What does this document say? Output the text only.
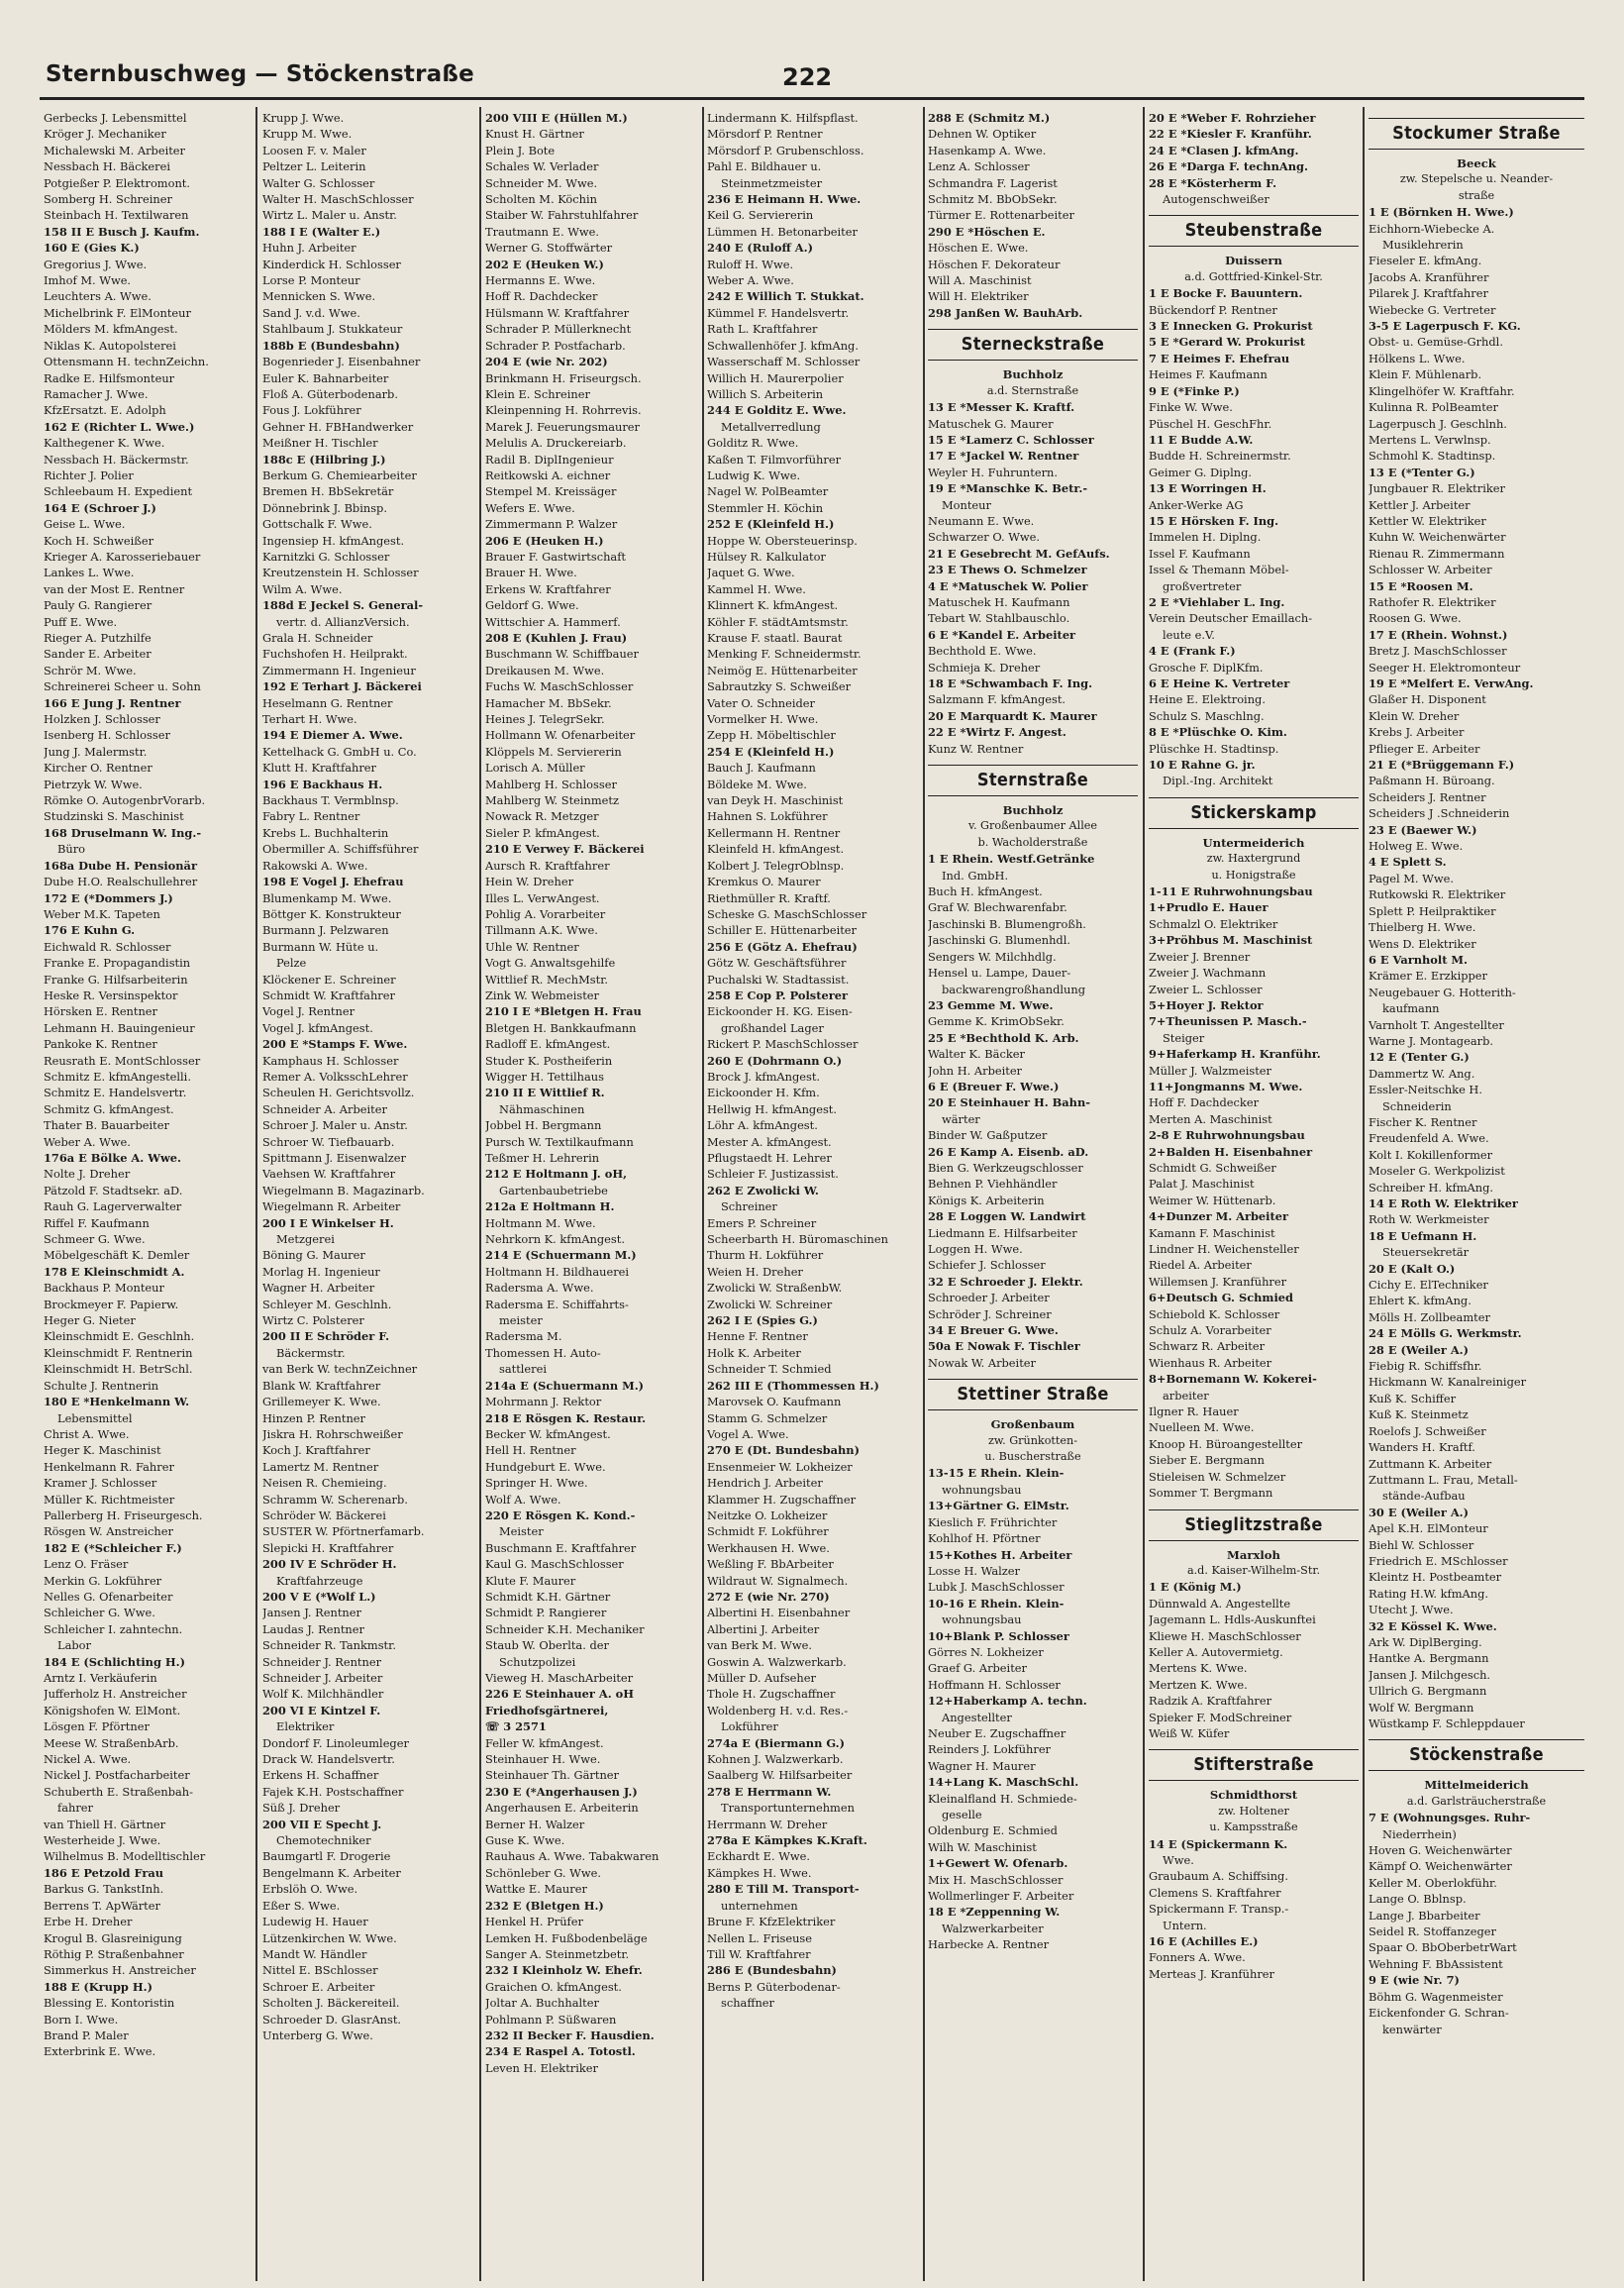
Sternbuschweg — Stöckenstraße	222
Gerbecks J. Lebensmittel
Kröger J. Mechaniker
Michalewski M. Arbeiter
Nessbach H. Bäckerei
Potgießer P. Elektromont.
Somberg H. Schreiner
Steinbach H. Textilwaren
158 II E Busch J. Kaufm.
160 E (Gies K.)
Gregorius J. Wwe.
Imhof M. Wwe.
Leuchters A. Wwe.
Michelbrink F. ElMonteur
Mölders M. kfmAngest.
Niklas K. Autopolsterei
Ottensmann H. technZeichn.
Radke E. Hilfsmonteur
Ramacher J. Wwe.
KfzErsatzt. E. Adolph
162 E (Richter L. Wwe.)
Kalthegener K. Wwe.
Nessbach H. Bäckermstr.
Richter J. Polier
Schleebaum H. Expedient
164 E (Schroer J.)
Geise L. Wwe.
Koch H. Schweißer
Krieger A. Karosseriebauer
Lankes L. Wwe.
van der Most E. Rentner
Pauly G. Rangierer
Puff E. Wwe.
Rieger A. Putzhilfe
Sander E. Arbeiter
Schrör M. Wwe.
Schreinerei Scheer u. Sohn
166 E Jung J. Rentner
Holzken J. Schlosser
Isenberg H. Schlosser
Jung J. Malermstr.
Kircher O. Rentner
Pietrzyk W. Wwe.
Römke O. AutogenbrVorarb.
Studzinski S. Maschinist
168 Druselmann W. Ing.-
Büro
168a Dube H. Pensionär
Dube H.O. Realschullehrer
172 E (*Dommers J.)
Weber M.K. Tapeten
176 E Kuhn G.
Eichwald R. Schlosser
Franke E. Propagandistin
Franke G. Hilfsarbeiterin
Heske R. Versinspektor
Hörsken E. Rentner
Lehmann H. Bauingenieur
Pankoke K. Rentner
Reusrath E. MontSchlosser
Schmitz E. kfmAngestelli.
Schmitz E. Handelsvertr.
Schmitz G. kfmAngest.
Thater B. Bauarbeiter
Weber A. Wwe.
176a E Bölke A. Wwe.
Nolte J. Dreher
Pätzold F. Stadtsekr. aD.
Rauh G. Lagerverwalter
Riffel F. Kaufmann
Schmeer G. Wwe.
Möbelgeschäft K. Demler
178 E Kleinschmidt A.
Backhaus P. Monteur
Brockmeyer F. Papierw.
Heger G. Nieter
Kleinschmidt E. Geschlnh.
Kleinschmidt F. Rentnerin
Kleinschmidt H. BetrSchl.
Schulte J. Rentnerin
180 E *Henkelmann W.
Lebensmittel
Christ A. Wwe.
Heger K. Maschinist
Henkelmann R. Fahrer
Kramer J. Schlosser
Müller K. Richtmeister
Pallerberg H. Friseurgesch.
Rösgen W. Anstreicher
182 E (*Schleicher F.)
Lenz O. Fräser
Merkin G. Lokführer
Nelles G. Ofenarbeiter
Schleicher G. Wwe.
Schleicher I. zahntechn.
Labor
184 E (Schlichting H.)
Arntz I. Verkäuferin
Jufferholz H. Anstreicher
Königshofen W. ElMont.
Lösgen F. Pförtner
Meese W. StraßenbArb.
Nickel A. Wwe.
Nickel J. Postfacharbeiter
Schuberth E. Straßenbah-
fahrer
van Thiell H. Gärtner
Westerheide J. Wwe.
Wilhelmus B. Modelltischler
186 E Petzold Frau
Barkus G. TankstInh.
Berrens T. ApWärter
Erbe H. Dreher
Krogul B. Glasreinigung
Röthig P. Straßenbahner
Simmerkus H. Anstreicher
188 E (Krupp H.)
Blessing E. Kontoristin
Born I. Wwe.
Brand P. Maler
Exterbrink E. Wwe.
Krupp J. Wwe.
Krupp M. Wwe.
Loosen F. v. Maler
Peltzer L. Leiterin
Walter G. Schlosser
Walter H. MaschSchlosser
Wirtz L. Maler u. Anstr.
188 I E (Walter E.)
Huhn J. Arbeiter
Kinderdick H. Schlosser
Lorse P. Monteur
Mennicken S. Wwe.
Sand J. v.d. Wwe.
Stahlbaum J. Stukkateur
188b E (Bundesbahn)
Bogenrieder J. Eisenbahner
Euler K. Bahnarbeiter
Floß A. Güterbodenarb.
Fous J. Lokführer
Gehner H. FBHandwerker
Meißner H. Tischler
188c E (Hilbring J.)
Berkum G. Chemiearbeiter
Bremen H. BbSekretär
Dönnebrink J. Bbinsp.
Gottschalk F. Wwe.
Ingensiep H. kfmAngest.
Karnitzki G. Schlosser
Kreutzenstein H. Schlosser
Wilm A. Wwe.
188d E Jeckel S. General-
vertr. d. AllianzVersich.
Grala H. Schneider
Fuchshofen H. Heilprakt.
Zimmermann H. Ingenieur
192 E Terhart J. Bäckerei
Heselmann G. Rentner
Terhart H. Wwe.
194 E Diemer A. Wwe.
Kettelhack G. GmbH u. Co.
Klutt H. Kraftfahrer
196 E Backhaus H.
Backhaus T. Vermblnsp.
Fabry L. Rentner
Krebs L. Buchhalterin
Obermiller A. Schiffsführer
Rakowski A. Wwe.
198 E Vogel J. Ehefrau
Blumenkamp M. Wwe.
Böttger K. Konstrukteur
Burmann J. Pelzwaren
Burmann W. Hüte u.
Pelze
Klöckener E. Schreiner
Schmidt W. Kraftfahrer
Vogel J. Rentner
Vogel J. kfmAngest.
200 E *Stamps F. Wwe.
Kamphaus H. Schlosser
Remer A. VolksschLehrer
Scheulen H. Gerichtsvollz.
Schneider A. Arbeiter
Schroer J. Maler u. Anstr.
Schroer W. Tiefbauarb.
Spittmann J. Eisenwalzer
Vaehsen W. Kraftfahrer
Wiegelmann B. Magazinarb.
Wiegelmann R. Arbeiter
200 I E Winkelser H.
Metzgerei
Böning G. Maurer
Morlag H. Ingenieur
Wagner H. Arbeiter
Schleyer M. Geschlnh.
Wirtz C. Polsterer
200 II E Schröder F.
Bäckermstr.
van Berk W. technZeichner
Blank W. Kraftfahrer
Grillemeyer K. Wwe.
Hinzen P. Rentner
Jiskra H. Rohrschweißer
Koch J. Kraftfahrer
Lamertz M. Rentner
Neisen R. Chemieing.
Schramm W. Scherenarb.
Schröder W. Bäckerei
SUSTER W. Pförtnerfamarb.
Slepicki H. Kraftfahrer
200 IV E Schröder H.
Kraftfahrzeuge
200 V E (*Wolf L.)
Jansen J. Rentner
Laudas J. Rentner
Schneider R. Tankmstr.
Schneider J. Rentner
Schneider J. Arbeiter
Wolf K. Milchhändler
200 VI E Kintzel F.
Elektriker
Dondorf F. Linoleumleger
Drack W. Handelsvertr.
Erkens H. Schaffner
Fajek K.H. Postschaffner
Süß J. Dreher
200 VII E Specht J.
Chemotechniker
Baumgartl F. Drogerie
Bengelmann K. Arbeiter
Erbslöh O. Wwe.
Eßer S. Wwe.
Ludewig H. Hauer
Lützenkirchen W. Wwe.
Mandt W. Händler
Nittel E. BSchlosser
Schroer E. Arbeiter
Scholten J. Bäckereiteil.
Schroeder D. GlasrAnst.
Unterberg G. Wwe.
200 VIII E (Hüllen M.)
Knust H. Gärtner
Plein J. Bote
Schales W. Verlader
Schneider M. Wwe.
Scholten M. Köchin
Staiber W. Fahrstuhlfahrer
Trautmann E. Wwe.
Werner G. Stoffwärter
202 E (Heuken W.)
Hermanns E. Wwe.
Hoff R. Dachdecker
Hülsmann W. Kraftfahrer
Schrader P. Müllerknecht
Schrader P. Postfacharb.
204 E (wie Nr. 202)
Brinkmann H. Friseurgsch.
Klein E. Schreiner
Kleinpenning H. Rohrrevis.
Marek J. Feuerungsmaurer
Melulis A. Druckereiarb.
Radil B. DiplIngenieur
Reitkowski A. eichner
Stempel M. Kreissäger
Wefers E. Wwe.
Zimmermann P. Walzer
206 E (Heuken H.)
Brauer F. Gastwirtschaft
Brauer H. Wwe.
Erkens W. Kraftfahrer
Geldorf G. Wwe.
Wittschier A. Hammerf.
208 E (Kuhlen J. Frau)
Buschmann W. Schiffbauer
Dreikausen M. Wwe.
Fuchs W. MaschSchlosser
Hamacher M. BbSekr.
Heines J. TelegrSekr.
Hollmann W. Ofenarbeiter
Klöppels M. Serviererin
Lorisch A. Müller
Mahlberg H. Schlosser
Mahlberg W. Steinmetz
Nowack R. Metzger
Sieler P. kfmAngest.
210 E Verwey F. Bäckerei
Aursch R. Kraftfahrer
Hein W. Dreher
Illes L. VerwAngest.
Pohlig A. Vorarbeiter
Tillmann A.K. Wwe.
Uhle W. Rentner
Vogt G. Anwaltsgehilfe
Wittlief R. MechMstr.
Zink W. Webmeister
210 I E *Bletgen H. Frau
Bletgen H. Bankkaufmann
Radloff E. kfmAngest.
Studer K. Postheiferin
Wigger H. Tettilhaus
210 II E Wittlief R.
Nähmaschinen
Jobbel H. Bergmann
Pursch W. Textilkaufmann
Teßmer H. Lehrerin
212 E Holtmann J. oH,
Gartenbaubetriebe
212a E Holtmann H.
Holtmann M. Wwe.
Nehrkorn K. kfmAngest.
214 E (Schuermann M.)
Holtmann H. Bildhauerei
Radersma A. Wwe.
Radersma E. Schiffahrts-
meister
Radersma M.
Thomessen H. Auto-
sattlerei
214a E (Schuermann M.)
Mohrmann J. Rektor
218 E Rösgen K. Restaur.
Becker W. kfmAngest.
Hell H. Rentner
Hundgeburt E. Wwe.
Springer H. Wwe.
Wolf A. Wwe.
220 E Rösgen K. Kond.-
Meister
Buschmann E. Kraftfahrer
Kaul G. MaschSchlosser
Klute F. Maurer
Schmidt K.H. Gärtner
Schmidt P. Rangierer
Schneider K.H. Mechaniker
Staub W. Oberlta. der
Schutzpolizei
Vieweg H. MaschArbeiter
226 E Steinhauer A. oH
Friedhofsgärtnerei,
☏ 3 2571
Feller W. kfmAngest.
Steinhauer H. Wwe.
Steinhauer Th. Gärtner
230 E (*Angerhausen J.)
Angerhausen E. Arbeiterin
Berner H. Walzer
Guse K. Wwe.
Rauhaus A. Wwe. Tabakwaren
Schönleber G. Wwe.
Wattke E. Maurer
232 E (Bletgen H.)
Henkel H. Prüfer
Lemken H. Fußbodenbeläge
Sanger A. Steinmetzbetr.
232 I Kleinholz W. Ehefr.
Graichen O. kfmAngest.
Joltar A. Buchhalter
Pohlmann P. Süßwaren
232 II Becker F. Hausdien.
234 E Raspel A. Totostl.
Leven H. Elektriker
Lindermann K. Hilfspflast.
Mörsdorf P. Rentner
Mörsdorf P. Grubenschloss.
Pahl E. Bildhauer u.
Steinmetzmeister
236 E Heimann H. Wwe.
Keil G. Serviererin
Lümmen H. Betonarbeiter
240 E (Ruloff A.)
Ruloff H. Wwe.
Weber A. Wwe.
242 E Willich T. Stukkat.
Kümmel F. Handelsvertr.
Rath L. Kraftfahrer
Schwallenhöfer J. kfmAng.
Wasserschaff M. Schlosser
Willich H. Maurerpolier
Willich S. Arbeiterin
244 E Golditz E. Wwe.
Metallverredlung
Golditz R. Wwe.
Kaßen T. Filmvorführer
Ludwig K. Wwe.
Nagel W. PolBeamter
Stemmler H. Köchin
252 E (Kleinfeld H.)
Hoppe W. Obersteuerinsp.
Hülsey R. Kalkulator
Jaquet G. Wwe.
Kammel H. Wwe.
Klinnert K. kfmAngest.
Köhler F. städtAmtsmstr.
Krause F. staatl. Baurat
Menking F. Schneidermstr.
Neimög E. Hüttenarbeiter
Sabrautzky S. Schweißer
Vater O. Schneider
Vormelker H. Wwe.
Zepp H. Möbeltischler
254 E (Kleinfeld H.)
Bauch J. Kaufmann
Böldeke M. Wwe.
van Deyk H. Maschinist
Hahnen S. Lokführer
Kellermann H. Rentner
Kleinfeld H. kfmAngest.
Kolbert J. TelegrOblnsp.
Kremkus O. Maurer
Riethmüller R. Kraftf.
Scheske G. MaschSchlosser
Schiller E. Hüttenarbeiter
256 E (Götz A. Ehefrau)
Götz W. Geschäftsführer
Puchalski W. Stadtassist.
258 E Cop P. Polsterer
Eickoonder H. KG. Eisen-
großhandel Lager
Rickert P. MaschSchlosser
260 E (Dohrmann O.)
Brock J. kfmAngest.
Eickoonder H. Kfm.
Hellwig H. kfmAngest.
Löhr A. kfmAngest.
Mester A. kfmAngest.
Pflugstaedt H. Lehrer
Schleier F. Justizassist.
262 E Zwolicki W.
Schreiner
Emers P. Schreiner
Scheerbarth H. Büromaschinen
Thurm H. Lokführer
Weien H. Dreher
Zwolicki W. StraßenbW.
Zwolicki W. Schreiner
262 I E (Spies G.)
Henne F. Rentner
Holk K. Arbeiter
Schneider T. Schmied
262 III E (Thommessen H.)
Marovsek O. Kaufmann
Stamm G. Schmelzer
Vogel A. Wwe.
270 E (Dt. Bundesbahn)
Ensenmeier W. Lokheizer
Hendrich J. Arbeiter
Klammer H. Zugschaffner
Neitzke O. Lokheizer
Schmidt F. Lokführer
Werkhausen H. Wwe.
Weßling F. BbArbeiter
Wildraut W. Signalmech.
272 E (wie Nr. 270)
Albertini H. Eisenbahner
Albertini J. Arbeiter
van Berk M. Wwe.
Goswin A. Walzwerkarb.
Müller D. Aufseher
Thole H. Zugschaffner
Woldenberg H. v.d. Res.-
Lokführer
274a E (Biermann G.)
Kohnen J. Walzwerkarb.
Saalberg W. Hilfsarbeiter
278 E Herrmann W.
Transportunternehmen
Herrmann W. Dreher
278a E Kämpkes K.Kraft.
Eckhardt E. Wwe.
Kämpkes H. Wwe.
280 E Till M. Transport-
unternehmen
Brune F. KfzElektriker
Nellen L. Friseuse
Till W. Kraftfahrer
286 E (Bundesbahn)
Berns P. Güterbodenar-
schaffner
288 E (Schmitz M.)
Dehnen W. Optiker
Hasenkamp A. Wwe.
Lenz A. Schlosser
Schmandra F. Lagerist
Schmitz M. BbObSekr.
Türmer E. Rottenarbeiter
290 E *Höschen E.
Höschen E. Wwe.
Höschen F. Dekorateur
Will A. Maschinist
Will H. Elektriker
298 Janßen W. BauhArb.
Sterneckstraße
Buchholz
a.d. Sternstraße
13 E *Messer K. Kraftf.
Matuschek G. Maurer
15 E *Lamerz C. Schlosser
17 E *Jackel W. Rentner
Weyler H. Fuhruntern.
19 E *Manschke K. Betr.-
Monteur
Neumann E. Wwe.
Schwarzer O. Wwe.
21 E Gesebrecht M. GefAufs.
23 E Thews O. Schmelzer
4 E *Matuschek W. Polier
Matuschek H. Kaufmann
Tebart W. Stahlbauschlo.
6 E *Kandel E. Arbeiter
Bechthold E. Wwe.
Schmieja K. Dreher
18 E *Schwambach F. Ing.
Salzmann F. kfmAngest.
20 E Marquardt K. Maurer
22 E *Wirtz F. Angest.
Kunz W. Rentner
Sternstraße
Buchholz
v. Großenbaumer Allee
b. Wacholderstraße
1 E Rhein. Westf.Getränke
Ind. GmbH.
Buch H. kfmAngest.
Graf W. Blechwarenfabr.
Jaschinski B. Blumengroßh.
Jaschinski G. Blumenhdl.
Sengers W. Milchhdlg.
Hensel u. Lampe, Dauer-
backwarengroßhandlung
23 Gemme M. Wwe.
Gemme K. KrimObSekr.
25 E *Bechthold K. Arb.
Walter K. Bäcker
John H. Arbeiter
6 E (Breuer F. Wwe.)
20 E Steinhauer H. Bahn-
wärter
Binder W. Gaßputzer
26 E Kamp A. Eisenb. aD.
Bien G. Werkzeugschlosser
Behnen P. Viehhändler
Königs K. Arbeiterin
28 E Loggen W. Landwirt
Liedmann E. Hilfsarbeiter
Loggen H. Wwe.
Schiefer J. Schlosser
32 E Schroeder J. Elektr.
Schroeder J. Arbeiter
Schröder J. Schreiner
34 E Breuer G. Wwe.
50a E Nowak F. Tischler
Nowak W. Arbeiter
Stettiner Straße
Großenbaum
zw. Grünkotten-
u. Buscherstraße
13-15 E Rhein. Klein-
wohnungsbau
13+Gärtner G. ElMstr.
Kieslich F. Frührichter
Kohlhof H. Pförtner
15+Kothes H. Arbeiter
Losse H. Walzer
Lubk J. MaschSchlosser
10-16 E Rhein. Klein-
wohnungsbau
10+Blank P. Schlosser
Görres N. Lokheizer
Graef G. Arbeiter
Hoffmann H. Schlosser
12+Haberkamp A. techn.
Angestellter
Neuber E. Zugschaffner
Reinders J. Lokführer
Wagner H. Maurer
14+Lang K. MaschSchl.
Kleinalfland H. Schmiede-
geselle
Oldenburg E. Schmied
Wilh W. Maschinist
1+Gewert W. Ofenarb.
Mix H. MaschSchlosser
Wollmerlinger F. Arbeiter
18 E *Zeppenning W.
Walzwerkarbeiter
Harbecke A. Rentner
20 E *Weber F. Rohrzieher
22 E *Kiesler F. Kranführ.
24 E *Clasen J. kfmAng.
26 E *Darga F. technAng.
28 E *Kösterherm F.
Autogenschweißer
Steubenstraße
Duissern
a.d. Gottfried-Kinkel-Str.
1 E Bocke F. Bauuntern.
Bückendorf P. Rentner
3 E Innecken G. Prokurist
5 E *Gerard W. Prokurist
7 E Heimes F. Ehefrau
Heimes F. Kaufmann
9 E (*Finke P.)
Finke W. Wwe.
Püschel H. GeschFhr.
11 E Budde A.W.
Budde H. Schreinermstr.
Geimer G. Diplng.
13 E Worringen H.
Anker-Werke AG
15 E Hörsken F. Ing.
Immelen H. Diplng.
Issel F. Kaufmann
Issel & Themann Möbel-
großvertreter
2 E *Viehlaber L. Ing.
Verein Deutscher Emaillach-
leute e.V.
4 E (Frank F.)
Grosche F. DiplKfm.
6 E Heine K. Vertreter
Heine E. Elektroing.
Schulz S. Maschlng.
8 E *Plüschke O. Kim.
Plüschke H. Stadtinsp.
10 E Rahne G. jr.
Dipl.-Ing. Architekt
Stickerskamp
Untermeiderich
zw. Haxtergrund
u. Honigstraße
1-11 E Ruhrwohnungsbau
1+Prudlo E. Hauer
Schmalzl O. Elektriker
3+Pröhbus M. Maschinist
Zweier J. Brenner
Zweier J. Wachmann
Zweier L. Schlosser
5+Hoyer J. Rektor
7+Theunissen P. Masch.-
Steiger
9+Haferkamp H. Kranführ.
Müller J. Walzmeister
11+Jongmanns M. Wwe.
Hoff F. Dachdecker
Merten A. Maschinist
2-8 E Ruhrwohnungsbau
2+Balden H. Eisenbahner
Schmidt G. Schweißer
Palat J. Maschinist
Weimer W. Hüttenarb.
4+Dunzer M. Arbeiter
Kamann F. Maschinist
Lindner H. Weichensteller
Riedel A. Arbeiter
Willemsen J. Kranführer
6+Deutsch G. Schmied
Schiebold K. Schlosser
Schulz A. Vorarbeiter
Schwarz R. Arbeiter
Wienhaus R. Arbeiter
8+Bornemann W. Kokerei-
arbeiter
Ilgner R. Hauer
Nuelleen M. Wwe.
Knoop H. Büroangestellter
Sieber E. Bergmann
Stieleisen W. Schmelzer
Sommer T. Bergmann
Stieglitzstraße
Marxloh
a.d. Kaiser-Wilhelm-Str.
1 E (König M.)
Dünnwald A. Angestellte
Jagemann L. Hdls-Auskunftei
Kliewe H. MaschSchlosser
Keller A. Autovermietg.
Mertens K. Wwe.
Mertzen K. Wwe.
Radzik A. Kraftfahrer
Spieker F. ModSchreiner
Weiß W. Küfer
Stifterstraße
Schmidthorst
zw. Holtener
u. Kampsstraße
14 E (Spickermann K.
Wwe.
Graubaum A. Schiffsing.
Clemens S. Kraftfahrer
Spickermann F. Transp.-
Untern.
16 E (Achilles E.)
Fonners A. Wwe.
Merteas J. Kranführer
Stockumer Straße
Beeck
zw. Stepelsche u. Neander-
straße
1 E (Börnken H. Wwe.)
Eichhorn-Wiebecke A.
Musiklehrerin
Fieseler E. kfmAng.
Jacobs A. Kranführer
Pilarek J. Kraftfahrer
Wiebecke G. Vertreter
3-5 E Lagerpusch F. KG.
Obst- u. Gemüse-Grhdl.
Hölkens L. Wwe.
Klein F. Mühlenarb.
Klingelhöfer W. Kraftfahr.
Kulinna R. PolBeamter
Lagerpusch J. Geschlnh.
Mertens L. Verwlnsp.
Schmohl K. Stadtinsp.
13 E (*Tenter G.)
Jungbauer R. Elektriker
Kettler J. Arbeiter
Kettler W. Elektriker
Kuhn W. Weichenwärter
Rienau R. Zimmermann
Schlosser W. Arbeiter
15 E *Roosen M.
Rathofer R. Elektriker
Roosen G. Wwe.
17 E (Rhein. Wohnst.)
Bretz J. MaschSchlosser
Seeger H. Elektromonteur
19 E *Melfert E. VerwAng.
Glaßer H. Disponent
Klein W. Dreher
Krebs J. Arbeiter
Pflieger E. Arbeiter
21 E (*Brüggemann F.)
Paßmann H. Büroang.
Scheiders J. Rentner
Scheiders J .Schneiderin
23 E (Baewer W.)
Holweg E. Wwe.
4 E Splett S.
Pagel M. Wwe.
Rutkowski R. Elektriker
Splett P. Heilpraktiker
Thielberg H. Wwe.
Wens D. Elektriker
6 E Varnholt M.
Krämer E. Erzkipper
Neugebauer G. Hotterith-
kaufmann
Varnholt T. Angestellter
Warne J. Montagearb.
12 E (Tenter G.)
Dammertz W. Ang.
Essler-Neitschke H.
Schneiderin
Fischer K. Rentner
Freudenfeld A. Wwe.
Kolt I. Kokillenformer
Moseler G. Werkpolizist
Schreiber H. kfmAng.
14 E Roth W. Elektriker
Roth W. Werkmeister
18 E Uefmann H.
Steuersekretär
20 E (Kalt O.)
Cichy E. ElTechniker
Ehlert K. kfmAng.
Mölls H. Zollbeamter
24 E Mölls G. Werkmstr.
28 E (Weiler A.)
Fiebig R. Schiffsfhr.
Hickmann W. Kanalreiniger
Kuß K. Schiffer
Kuß K. Steinmetz
Roelofs J. Schweißer
Wanders H. Kraftf.
Zuttmann K. Arbeiter
Zuttmann L. Frau, Metall-
stände-Aufbau
30 E (Weiler A.)
Apel K.H. ElMonteur
Biehl W. Schlosser
Friedrich E. MSchlosser
Kleintz H. Postbeamter
Rating H.W. kfmAng.
Utecht J. Wwe.
32 E Kössel K. Wwe.
Ark W. DiplBerging.
Hantke A. Bergmann
Jansen J. Milchgesch.
Ullrich G. Bergmann
Wolf W. Bergmann
Wüstkamp F. Schleppdauer
Stöckenstraße
Mittelmeiderich
a.d. Garlsträucherstraße
7 E (Wohnungsges. Ruhr-
Niederrhein)
Hoven G. Weichenwärter
Kämpf O. Weichenwärter
Keller M. Oberlokführ.
Lange O. Bblnsp.
Lange J. Bbarbeiter
Seidel R. Stoffanzeger
Spaar O. BbOberbetrWart
Wehning F. BbAssistent
9 E (wie Nr. 7)
Böhm G. Wagenmeister
Eickenfonder G. Schran-
kenwärter
